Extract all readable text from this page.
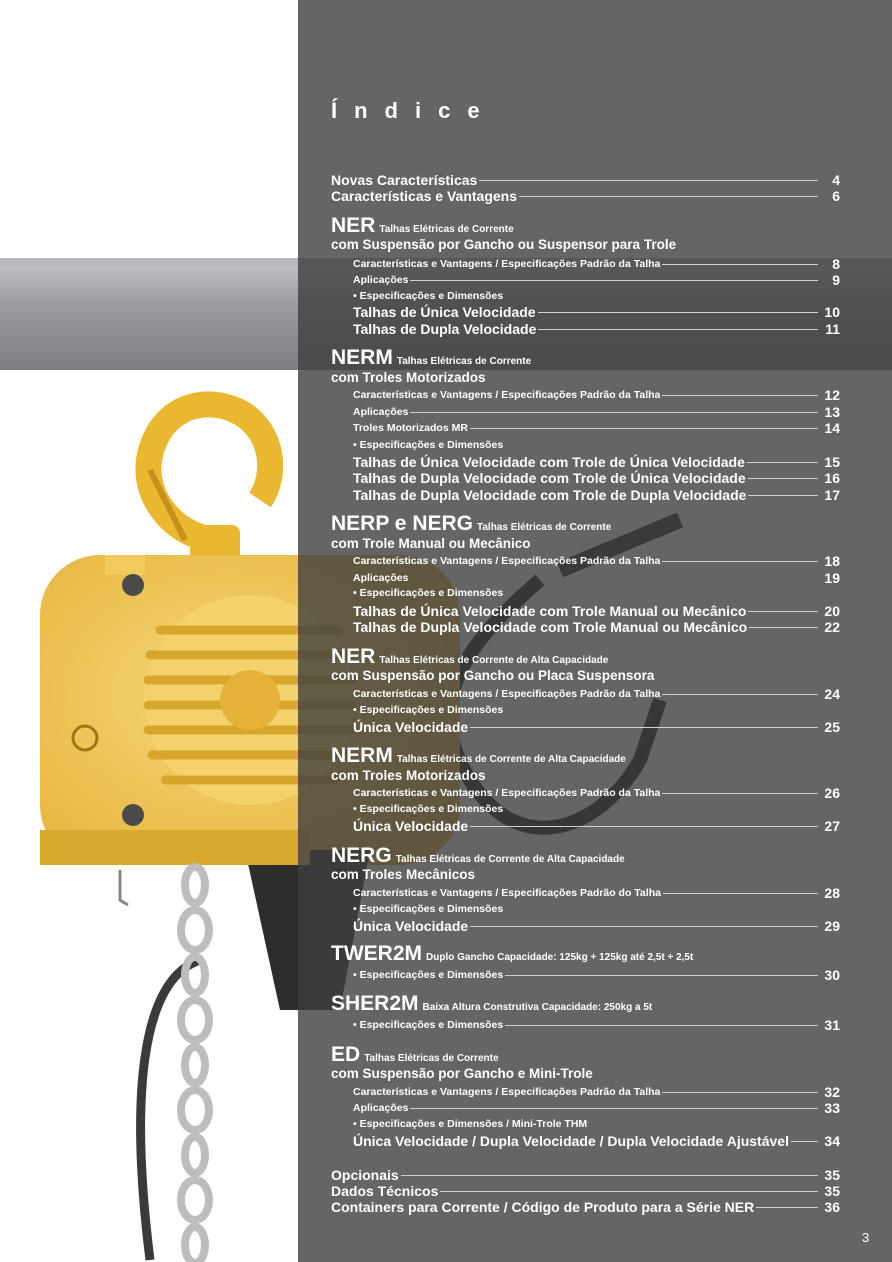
Índice
Novas Características	4
Características e Vantagens	6
NER Talhas Elétricas de Corrente
com Suspensão por Gancho ou Suspensor para Trole
Características e Vantagens / Especificações Padrão da Talha	8
Aplicações	9
• Especificações e Dimensões
Talhas de Única Velocidade	10
Talhas de Dupla Velocidade	11
NERM Talhas Elétricas de Corrente
com Troles Motorizados
Características e Vantagens / Especificações Padrão da Talha	12
Aplicações	13
Troles Motorizados MR	14
• Especificações e Dimensões
Talhas de Única Velocidade com Trole de Única Velocidade	15
Talhas de Dupla Velocidade com Trole de Única Velocidade	16
Talhas de Dupla Velocidade com Trole de Dupla Velocidade	17
NERP e NERG Talhas Elétricas de Corrente
com Trole Manual ou Mecânico
Características e Vantagens / Especificações Padrão da Talha	18
Aplicações	19
• Especificações e Dimensões
Talhas de Única Velocidade com Trole Manual ou Mecânico	20
Talhas de Dupla Velocidade com Trole Manual ou Mecânico	22
NER Talhas Elétricas de Corrente de Alta Capacidade
com Suspensão por Gancho ou Placa Suspensora
Características e Vantagens / Especificações Padrão da Talha	24
• Especificações e Dimensões
Única Velocidade	25
NERM Talhas Elétricas de Corrente de Alta Capacidade
com Troles Motorizados
Características e Vantagens / Especificações Padrão da Talha	26
• Especificações e Dimensões
Única Velocidade	27
NERG Talhas Elétricas de Corrente de Alta Capacidade
com Troles Mecânicos
Características e Vantagens / Especificações Padrão do Talha	28
• Especificações e Dimensões
Única Velocidade	29
TWER2M Duplo Gancho Capacidade: 125kg + 125kg até 2,5t + 2,5t
• Especificações e Dimensões	30
SHER2M Baixa Altura Construtiva Capacidade: 250kg a 5t
• Especificações e Dimensões	31
ED Talhas Elétricas de Corrente
com Suspensão por Gancho e Mini-Trole
Características e Vantagens / Especificações Padrão da Talha	32
Aplicações	33
• Especificações e Dimensões / Mini-Trole THM
Única Velocidade / Dupla Velocidade / Dupla Velocidade Ajustável	34
Opcionais	35
Dados Técnicos	35
Containers para Corrente / Código de Produto para a Série NER	36
3
